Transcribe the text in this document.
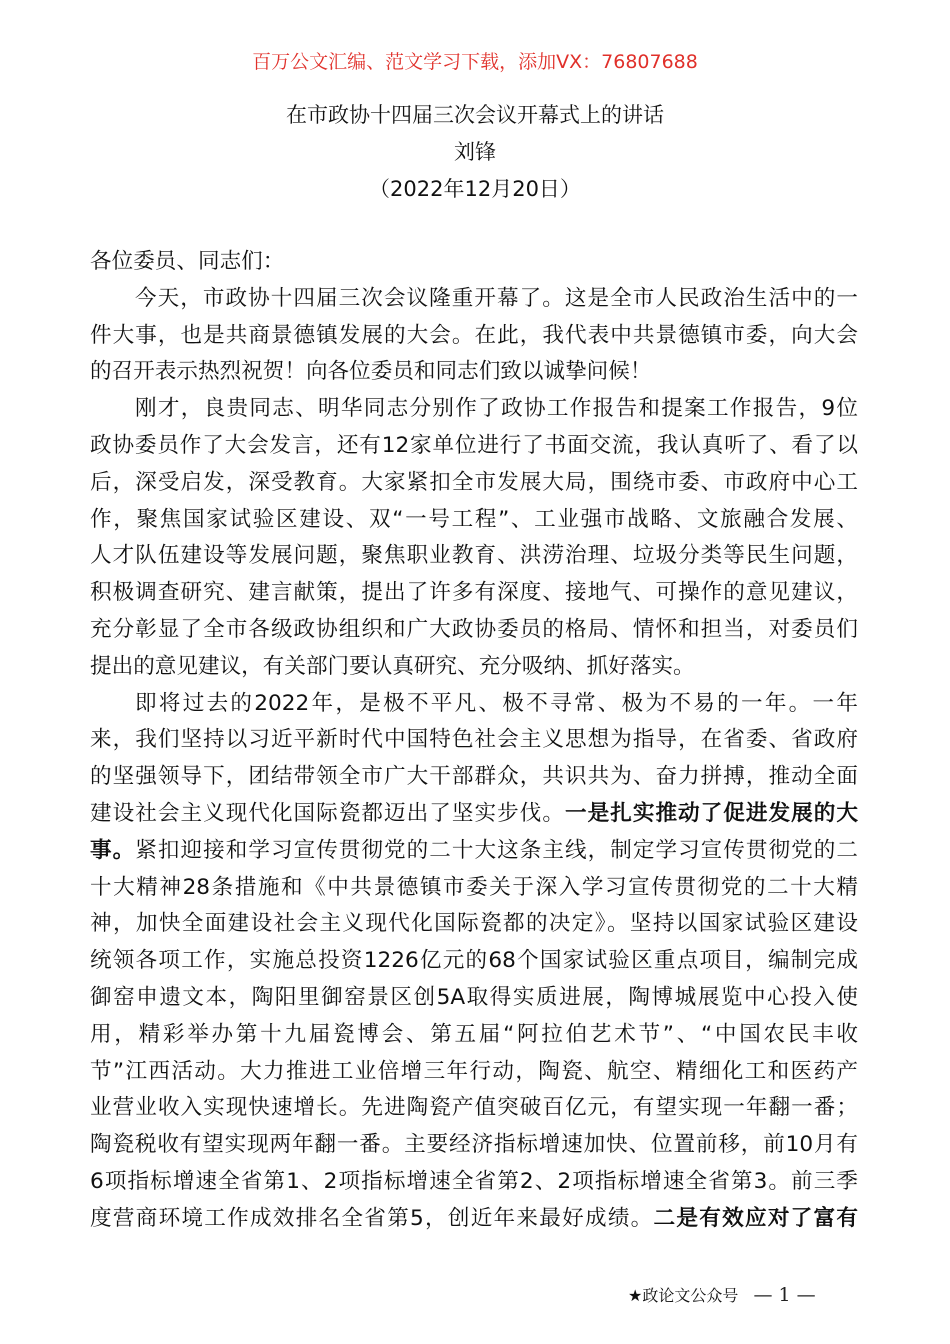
百万公文汇编、范文学习下载，添加VX：76807688
在市政协十四届三次会议开幕式上的讲话
刘锋
（2022年12月20日）
各位委员、同志们：
今天，市政协十四届三次会议隆重开幕了。这是全市人民政治生活中的一
件大事，也是共商景德镇发展的大会。在此，我代表中共景德镇市委，向大会
的召开表示热烈祝贺！向各位委员和同志们致以诚挚问候！
刚才，良贵同志、明华同志分别作了政协工作报告和提案工作报告，9位
政协委员作了大会发言，还有12家单位进行了书面交流，我认真听了、看了以
后，深受启发，深受教育。大家紧扣全市发展大局，围绕市委、市政府中心工
作，聚焦国家试验区建设、双“一号工程”、工业强市战略、文旅融合发展、
人才队伍建设等发展问题，聚焦职业教育、洪涝治理、垃圾分类等民生问题，
积极调查研究、建言献策，提出了许多有深度、接地气、可操作的意见建议，
充分彰显了全市各级政协组织和广大政协委员的格局、情怀和担当，对委员们
提出的意见建议，有关部门要认真研究、充分吸纳、抓好落实。
即将过去的2022年，是极不平凡、极不寻常、极为不易的一年。一年
来，我们坚持以习近平新时代中国特色社会主义思想为指导，在省委、省政府
的坚强领导下，团结带领全市广大干部群众，共识共为、奋力拼搏，推动全面
建设社会主义现代化国际瓷都迈出了坚实步伐。一是扎实推动了促进发展的大
事。紧扣迎接和学习宣传贯彻党的二十大这条主线，制定学习宣传贯彻党的二
十大精神28条措施和《中共景德镇市委关于深入学习宣传贯彻党的二十大精
神，加快全面建设社会主义现代化国际瓷都的决定》。坚持以国家试验区建设
统领各项工作，实施总投资1226亿元的68个国家试验区重点项目，编制完成
御窑申遗文本，陶阳里御窑景区创5A取得实质进展，陶博城展览中心投入使
用，精彩举办第十九届瓷博会、第五届“阿拉伯艺术节”、“中国农民丰收
节”江西活动。大力推进工业倍增三年行动，陶瓷、航空、精细化工和医药产
业营业收入实现快速增长。先进陶瓷产值突破百亿元，有望实现一年翻一番；
陶瓷税收有望实现两年翻一番。主要经济指标增速加快、位置前移，前10月有
6项指标增速全省第1、2项指标增速全省第2、2项指标增速全省第3。前三季
度营商环境工作成效排名全省第5，创近年来最好成绩。二是有效应对了富有
★政论文公众号 — 1 —
